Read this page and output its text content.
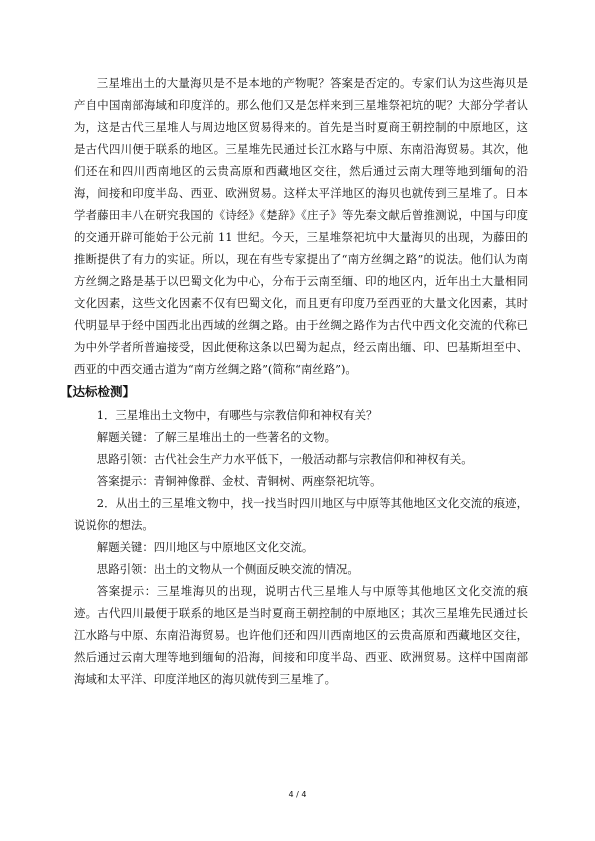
三星堆出土的大量海贝是不是本地的产物呢？答案是否定的。专家们认为这些海贝是产自中国南部海域和印度洋的。那么他们又是怎样来到三星堆祭祀坑的呢？大部分学者认为，这是古代三星堆人与周边地区贸易得来的。首先是当时夏商王朝控制的中原地区，这是古代四川便于联系的地区。三星堆先民通过长江水路与中原、东南沿海贸易。其次，他们还在和四川西南地区的云贵高原和西藏地区交往，然后通过云南大理等地到缅甸的沿海，间接和印度半岛、西亚、欧洲贸易。这样太平洋地区的海贝也就传到三星堆了。日本学者藤田丰八在研究我国的《诗经》《楚辞》《庄子》等先秦文献后曾推测说，中国与印度的交通开辟可能始于公元前 11 世纪。今天，三星堆祭祀坑中大量海贝的出现，为藤田的推断提供了有力的实证。所以，现在有些专家提出了“南方丝绸之路”的说法。他们认为南方丝绸之路是基于以巴蜀文化为中心，分布于云南至缅、印的地区内，近年出土大量相同文化因素，这些文化因素不仅有巴蜀文化，而且更有印度乃至西亚的大量文化因素，其时代明显早于经中国西北出西域的丝绸之路。由于丝绸之路作为古代中西文化交流的代称已为中外学者所普遍接受，因此便称这条以巴蜀为起点，经云南出缅、印、巴基斯坦至中、西亚的中西交通古道为“南方丝绸之路”(简称“南丝路”)。

【达标检测】

1．三星堆出土文物中，有哪些与宗教信仰和神权有关？

解题关键：了解三星堆出土的一些著名的文物。

思路引领：古代社会生产力水平低下，一般活动都与宗教信仰和神权有关。

答案提示：青铜神像群、金杖、青铜树、两座祭祀坑等。

2．从出土的三星堆文物中，找一找当时四川地区与中原等其他地区文化交流的痕迹，说说你的想法。

解题关键：四川地区与中原地区文化交流。

思路引领：出土的文物从一个侧面反映交流的情况。

答案提示：三星堆海贝的出现，说明古代三星堆人与中原等其他地区文化交流的痕迹。古代四川最便于联系的地区是当时夏商王朝控制的中原地区；其次三星堆先民通过长江水路与中原、东南沿海贸易。也许他们还和四川西南地区的云贵高原和西藏地区交往，然后通过云南大理等地到缅甸的沿海，间接和印度半岛、西亚、欧洲贸易。这样中国南部海域和太平洋、印度洋地区的海贝就传到三星堆了。

4 / 4
